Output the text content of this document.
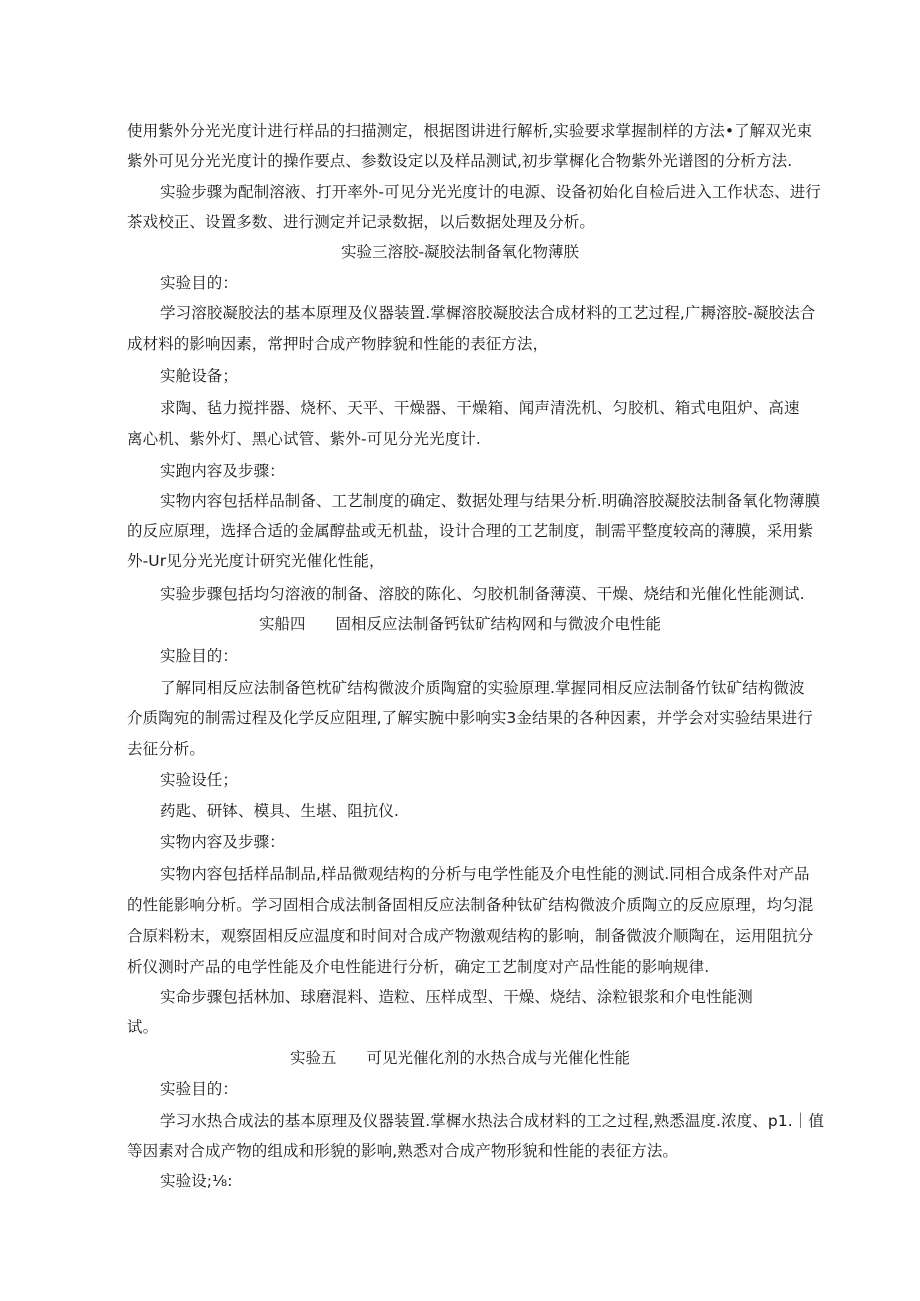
使用紫外分光光度计进行样品的扫描测定，根据图讲进行解析,实验要求掌握制样的方法•了解双光束
紫外可见分光光度计的操作要点、参数设定以及样品测试,初步掌樨化合物紫外光谱图的分析方法.
实验步骤为配制溶液、打开率外-可见分光光度计的电源、设备初始化自检后进入工作状态、进行
茶戏校正、设置多数、进行测定并记录数据，以后数据处理及分析。
实验三溶胶-凝胶法制备氧化物薄朕
实验目的：
学习溶胶凝胶法的基本原理及仪器装置.掌樨溶胶凝胶法合成材料的工艺过程,广耨溶胶-凝胶法合
成材料的影响因素，常押时合成产物脖貌和性能的表征方法，
实舱设备；
求陶、毡力搅拌器、烧杯、天平、干燥器、干燥箱、闻声清洗机、匀胶机、箱式电阻炉、高速
离心机、紫外灯、黑心试管、紫外-可见分光光度计.
实跑内容及步骤：
实物内容包括样品制备、工艺制度的确定、数据处理与结果分析.明确溶胶凝胶法制备氧化物薄膜
的反应原理，选择合适的金属醇盐或无机盐，设计合理的工艺制度，制需平整度较高的薄膜，采用紫
外-Ur见分光光度计研究光催化性能，
实验步骤包括均匀溶液的制备、溶胶的陈化、匀胶机制备薄漠、干燥、烧结和光催化性能测试.
实船四 固相反应法制备钙钛矿结构网和与微波介电性能
实脸目的：
了解同相反应法制备笆枕矿结构微波介质陶窟的实验原理.掌握同相反应法制备竹钛矿结构微波
介质陶宛的制需过程及化学反应阻理,了解实腕中影响实3金结果的各种因素，并学会对实验结果进行
去征分析。
实验设任；
药匙、研钵、模具、生堪、阻抗仪.
实物内容及步骤：
实物内容包括样品制品,样品微观结构的分析与电学性能及介电性能的测试.同相合成条件对产品
的性能影响分析。学习固相合成法制备固相反应法制备种钛矿结构微波介质陶立的反应原理，均匀混
合原料粉末，观察固相反应温度和时间对合成产物激观结构的影响，制备微波介顺陶在，运用阻抗分
析仪测时产品的电学性能及介电性能进行分析，确定工艺制度对产品性能的影响规律.
实命步骤包括林加、球磨混料、造粒、压样成型、干燥、烧结、涂粒银浆和介电性能测
试。
实验五 可见光催化剂的水热合成与光催化性能
实验目的：
学习水热合成法的基本原理及仪器装置.掌樨水热法合成材料的工之过程,熟悉温度.浓度、p1.｜值
等因素对合成产物的组成和形貌的影响,熟悉对合成产物形貌和性能的表征方法。
实验设;⅛:
